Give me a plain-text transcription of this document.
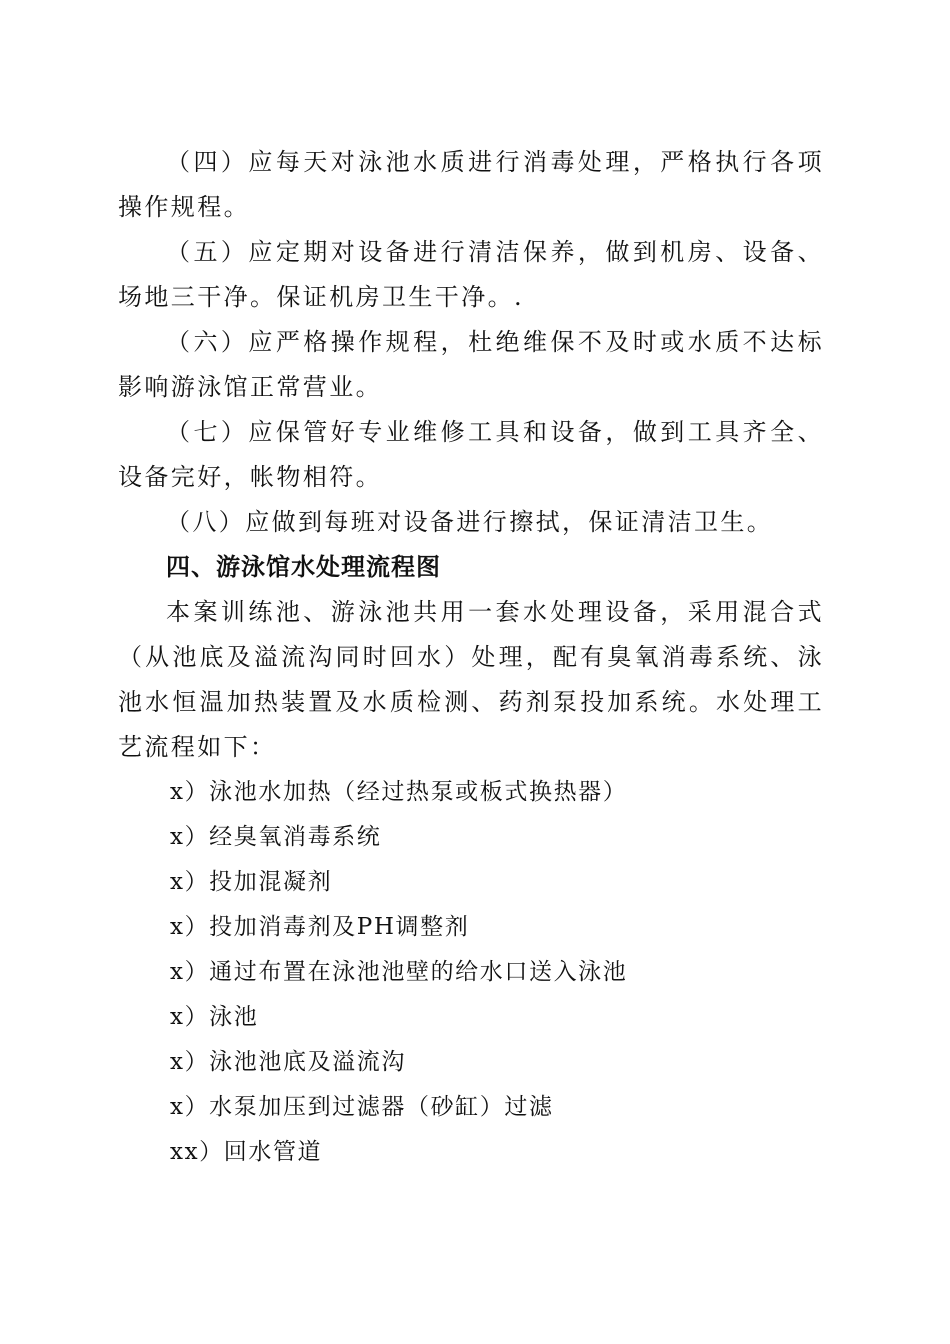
（四）应每天对泳池水质进行消毒处理，严格执行各项操作规程。

（五）应定期对设备进行清洁保养，做到机房、设备、场地三干净。保证机房卫生干净。.

（六）应严格操作规程，杜绝维保不及时或水质不达标影响游泳馆正常营业。

（七）应保管好专业维修工具和设备，做到工具齐全、设备完好，帐物相符。

（八）应做到每班对设备进行擦拭，保证清洁卫生。

四、游泳馆水处理流程图

本案训练池、游泳池共用一套水处理设备，采用混合式（从池底及溢流沟同时回水）处理，配有臭氧消毒系统、泳池水恒温加热装置及水质检测、药剂泵投加系统。水处理工艺流程如下：

x）泳池水加热（经过热泵或板式换热器）
x）经臭氧消毒系统
x）投加混凝剂
x）投加消毒剂及PH调整剂
x）通过布置在泳池池壁的给水口送入泳池
x）泳池
x）泳池池底及溢流沟
x）水泵加压到过滤器（砂缸）过滤
xx）回水管道
